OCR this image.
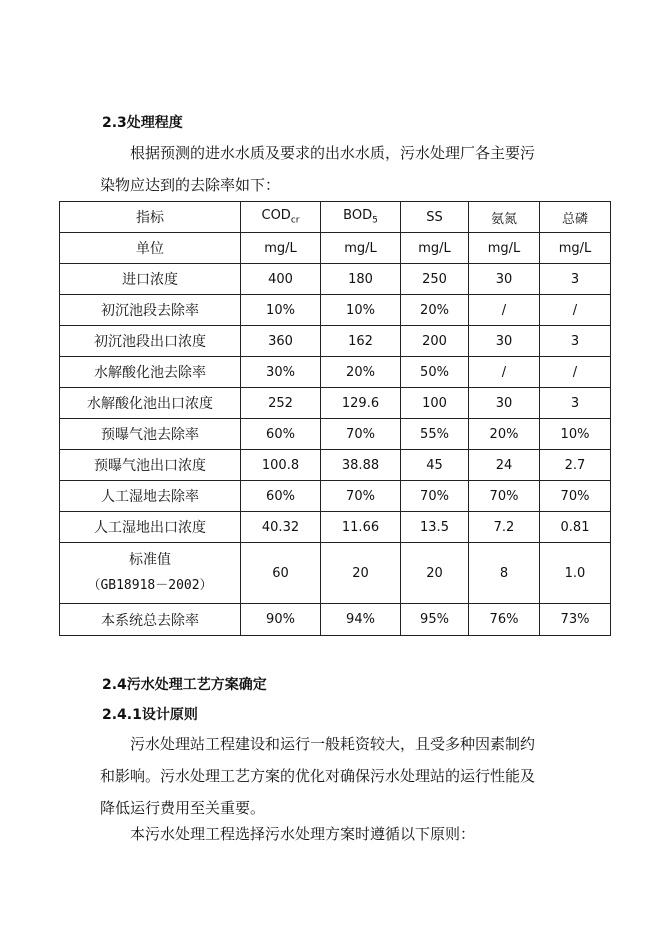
2.3处理程度
根据预测的进水水质及要求的出水水质，污水处理厂各主要污
染物应达到的去除率如下：
指标	$COD_{cr}$	$BOD_5$	SS	氨氮	总磷
单位	mg/L	mg/L	mg/L	mg/L	mg/L
进口浓度	400	180	250	30	3
初沉池段去除率	10%	10%	20%	/	/
初沉池段出口浓度	360	162	200	30	3
水解酸化池去除率	30%	20%	50%	/	/
水解酸化池出口浓度	252	129.6	100	30	3
预曝气池去除率	60%	70%	55%	20%	10%
预曝气池出口浓度	100.8	38.88	45	24	2.7
人工湿地去除率	60%	70%	70%	70%	70%
人工湿地出口浓度	40.32	11.66	13.5	7.2	0.81

标准值
（GB18918－2002）	60	20	20	8	1.0
本系统总去除率	90%	94%	95%	76%	73%
2.4污水处理工艺方案确定
2.4.1设计原则
污水处理站工程建设和运行一般耗资较大，且受多种因素制约
和影响。污水处理工艺方案的优化对确保污水处理站的运行性能及
降低运行费用至关重要。
本污水处理工程选择污水处理方案时遵循以下原则：
